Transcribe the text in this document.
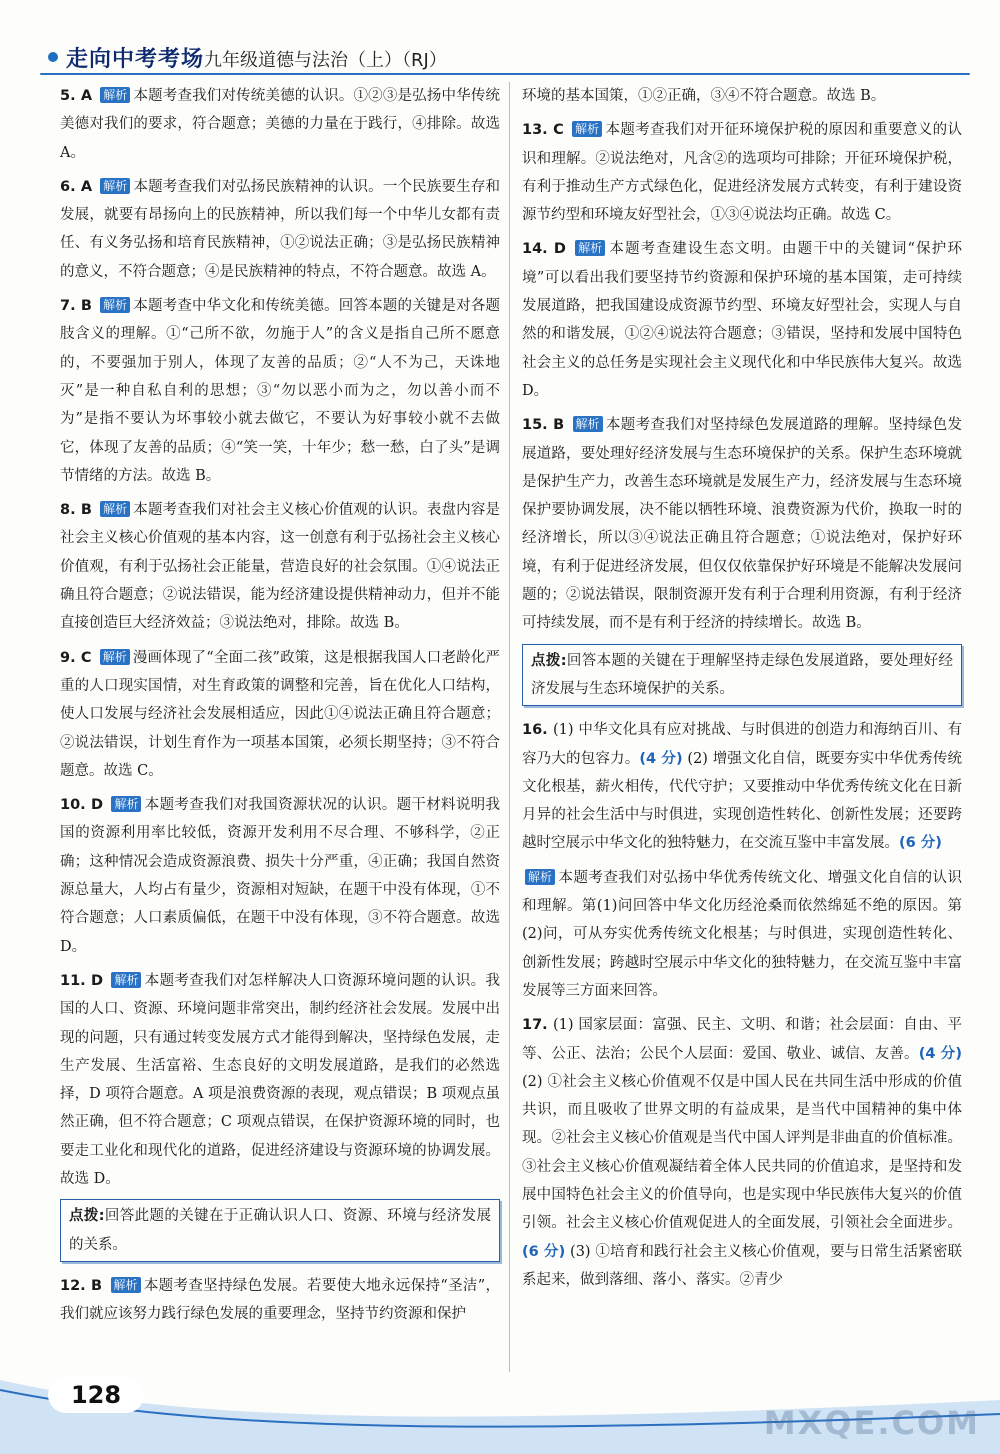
走向中考考场 九年级道德与法治（上）（RJ）
5. A 解析 本题考查我们对传统美德的认识。①②③是弘扬中华传统美德对我们的要求，符合题意；美德的力量在于践行，④排除。故选 A。
6. A 解析 本题考查我们对弘扬民族精神的认识。一个民族要生存和发展，就要有昂扬向上的民族精神，所以我们每一个中华儿女都有责任、有义务弘扬和培育民族精神，①②说法正确；③是弘扬民族精神的意义，不符合题意；④是民族精神的特点，不符合题意。故选 A。
7. B 解析 本题考查中华文化和传统美德。回答本题的关键是对各题肢含义的理解。①“己所不欲，勿施于人”的含义是指自己所不愿意的，不要强加于别人，体现了友善的品质；②“人不为己，天诛地灭”是一种自私自利的思想；③“勿以恶小而为之，勿以善小而不为”是指不要认为坏事较小就去做它，不要认为好事较小就不去做它，体现了友善的品质；④“笑一笑，十年少；愁一愁，白了头”是调节情绪的方法。故选 B。
8. B 解析 本题考查我们对社会主义核心价值观的认识。表盘内容是社会主义核心价值观的基本内容，这一创意有利于弘扬社会主义核心价值观，有利于弘扬社会正能量，营造良好的社会氛围。①④说法正确且符合题意；②说法错误，能为经济建设提供精神动力，但并不能直接创造巨大经济效益；③说法绝对，排除。故选 B。
9. C 解析 漫画体现了“全面二孩”政策，这是根据我国人口老龄化严重的人口现实国情，对生育政策的调整和完善，旨在优化人口结构，使人口发展与经济社会发展相适应，因此①④说法正确且符合题意；②说法错误，计划生育作为一项基本国策，必须长期坚持；③不符合题意。故选 C。
10. D 解析 本题考查我们对我国资源状况的认识。题干材料说明我国的资源利用率比较低，资源开发利用不尽合理、不够科学，②正确；这种情况会造成资源浪费、损失十分严重，④正确；我国自然资源总量大，人均占有量少，资源相对短缺，在题干中没有体现，①不符合题意；人口素质偏低，在题干中没有体现，③不符合题意。故选 D。
11. D 解析 本题考查我们对怎样解决人口资源环境问题的认识。我国的人口、资源、环境问题非常突出，制约经济社会发展。发展中出现的问题，只有通过转变发展方式才能得到解决，坚持绿色发展，走生产发展、生活富裕、生态良好的文明发展道路，是我们的必然选择，D 项符合题意。A 项是浪费资源的表现，观点错误；B 项观点虽然正确，但不符合题意；C 项观点错误，在保护资源环境的同时，也要走工业化和现代化的道路，促进经济建设与资源环境的协调发展。故选 D。
点拨:回答此题的关键在于正确认识人口、资源、环境与经济发展的关系。
12. B 解析 本题考查坚持绿色发展。若要使大地永远保持“圣洁”，我们就应该努力践行绿色发展的重要理念，坚持节约资源和保护
环境的基本国策，①②正确，③④不符合题意。故选 B。
13. C 解析 本题考查我们对开征环境保护税的原因和重要意义的认识和理解。②说法绝对，凡含②的选项均可排除；开征环境保护税，有利于推动生产方式绿色化，促进经济发展方式转变，有利于建设资源节约型和环境友好型社会，①③④说法均正确。故选 C。
14. D 解析 本题考查建设生态文明。由题干中的关键词“保护环境”可以看出我们要坚持节约资源和保护环境的基本国策，走可持续发展道路，把我国建设成资源节约型、环境友好型社会，实现人与自然的和谐发展，①②④说法符合题意；③错误，坚持和发展中国特色社会主义的总任务是实现社会主义现代化和中华民族伟大复兴。故选 D。
15. B 解析 本题考查我们对坚持绿色发展道路的理解。坚持绿色发展道路，要处理好经济发展与生态环境保护的关系。保护生态环境就是保护生产力，改善生态环境就是发展生产力，经济发展与生态环境保护要协调发展，决不能以牺牲环境、浪费资源为代价，换取一时的经济增长，所以③④说法正确且符合题意；①说法绝对，保护好环境，有利于促进经济发展，但仅仅依靠保护好环境是不能解决发展问题的；②说法错误，限制资源开发有利于合理利用资源，有利于经济可持续发展，而不是有利于经济的持续增长。故选 B。
点拨:回答本题的关键在于理解坚持走绿色发展道路，要处理好经济发展与生态环境保护的关系。
16. (1) 中华文化具有应对挑战、与时俱进的创造力和海纳百川、有容乃大的包容力。(4 分) (2) 增强文化自信，既要夯实中华优秀传统文化根基，薪火相传，代代守护；又要推动中华优秀传统文化在日新月异的社会生活中与时俱进，实现创造性转化、创新性发展；还要跨越时空展示中华文化的独特魅力，在交流互鉴中丰富发展。(6 分)
解析 本题考查我们对弘扬中华优秀传统文化、增强文化自信的认识和理解。第(1)问回答中华文化历经沧桑而依然绵延不绝的原因。第(2)问，可从夯实优秀传统文化根基；与时俱进，实现创造性转化、创新性发展；跨越时空展示中华文化的独特魅力，在交流互鉴中丰富发展等三方面来回答。
17. (1) 国家层面：富强、民主、文明、和谐；社会层面：自由、平等、公正、法治；公民个人层面：爱国、敬业、诚信、友善。(4 分) (2) ①社会主义核心价值观不仅是中国人民在共同生活中形成的价值共识，而且吸收了世界文明的有益成果，是当代中国精神的集中体现。②社会主义核心价值观是当代中国人评判是非曲直的价值标准。③社会主义核心价值观凝结着全体人民共同的价值追求，是坚持和发展中国特色社会主义的价值导向，也是实现中华民族伟大复兴的价值引领。社会主义核心价值观促进人的全面发展，引领社会全面进步。(6 分) (3) ①培育和践行社会主义核心价值观，要与日常生活紧密联系起来，做到落细、落小、落实。②青少
128
MXQE.COM
